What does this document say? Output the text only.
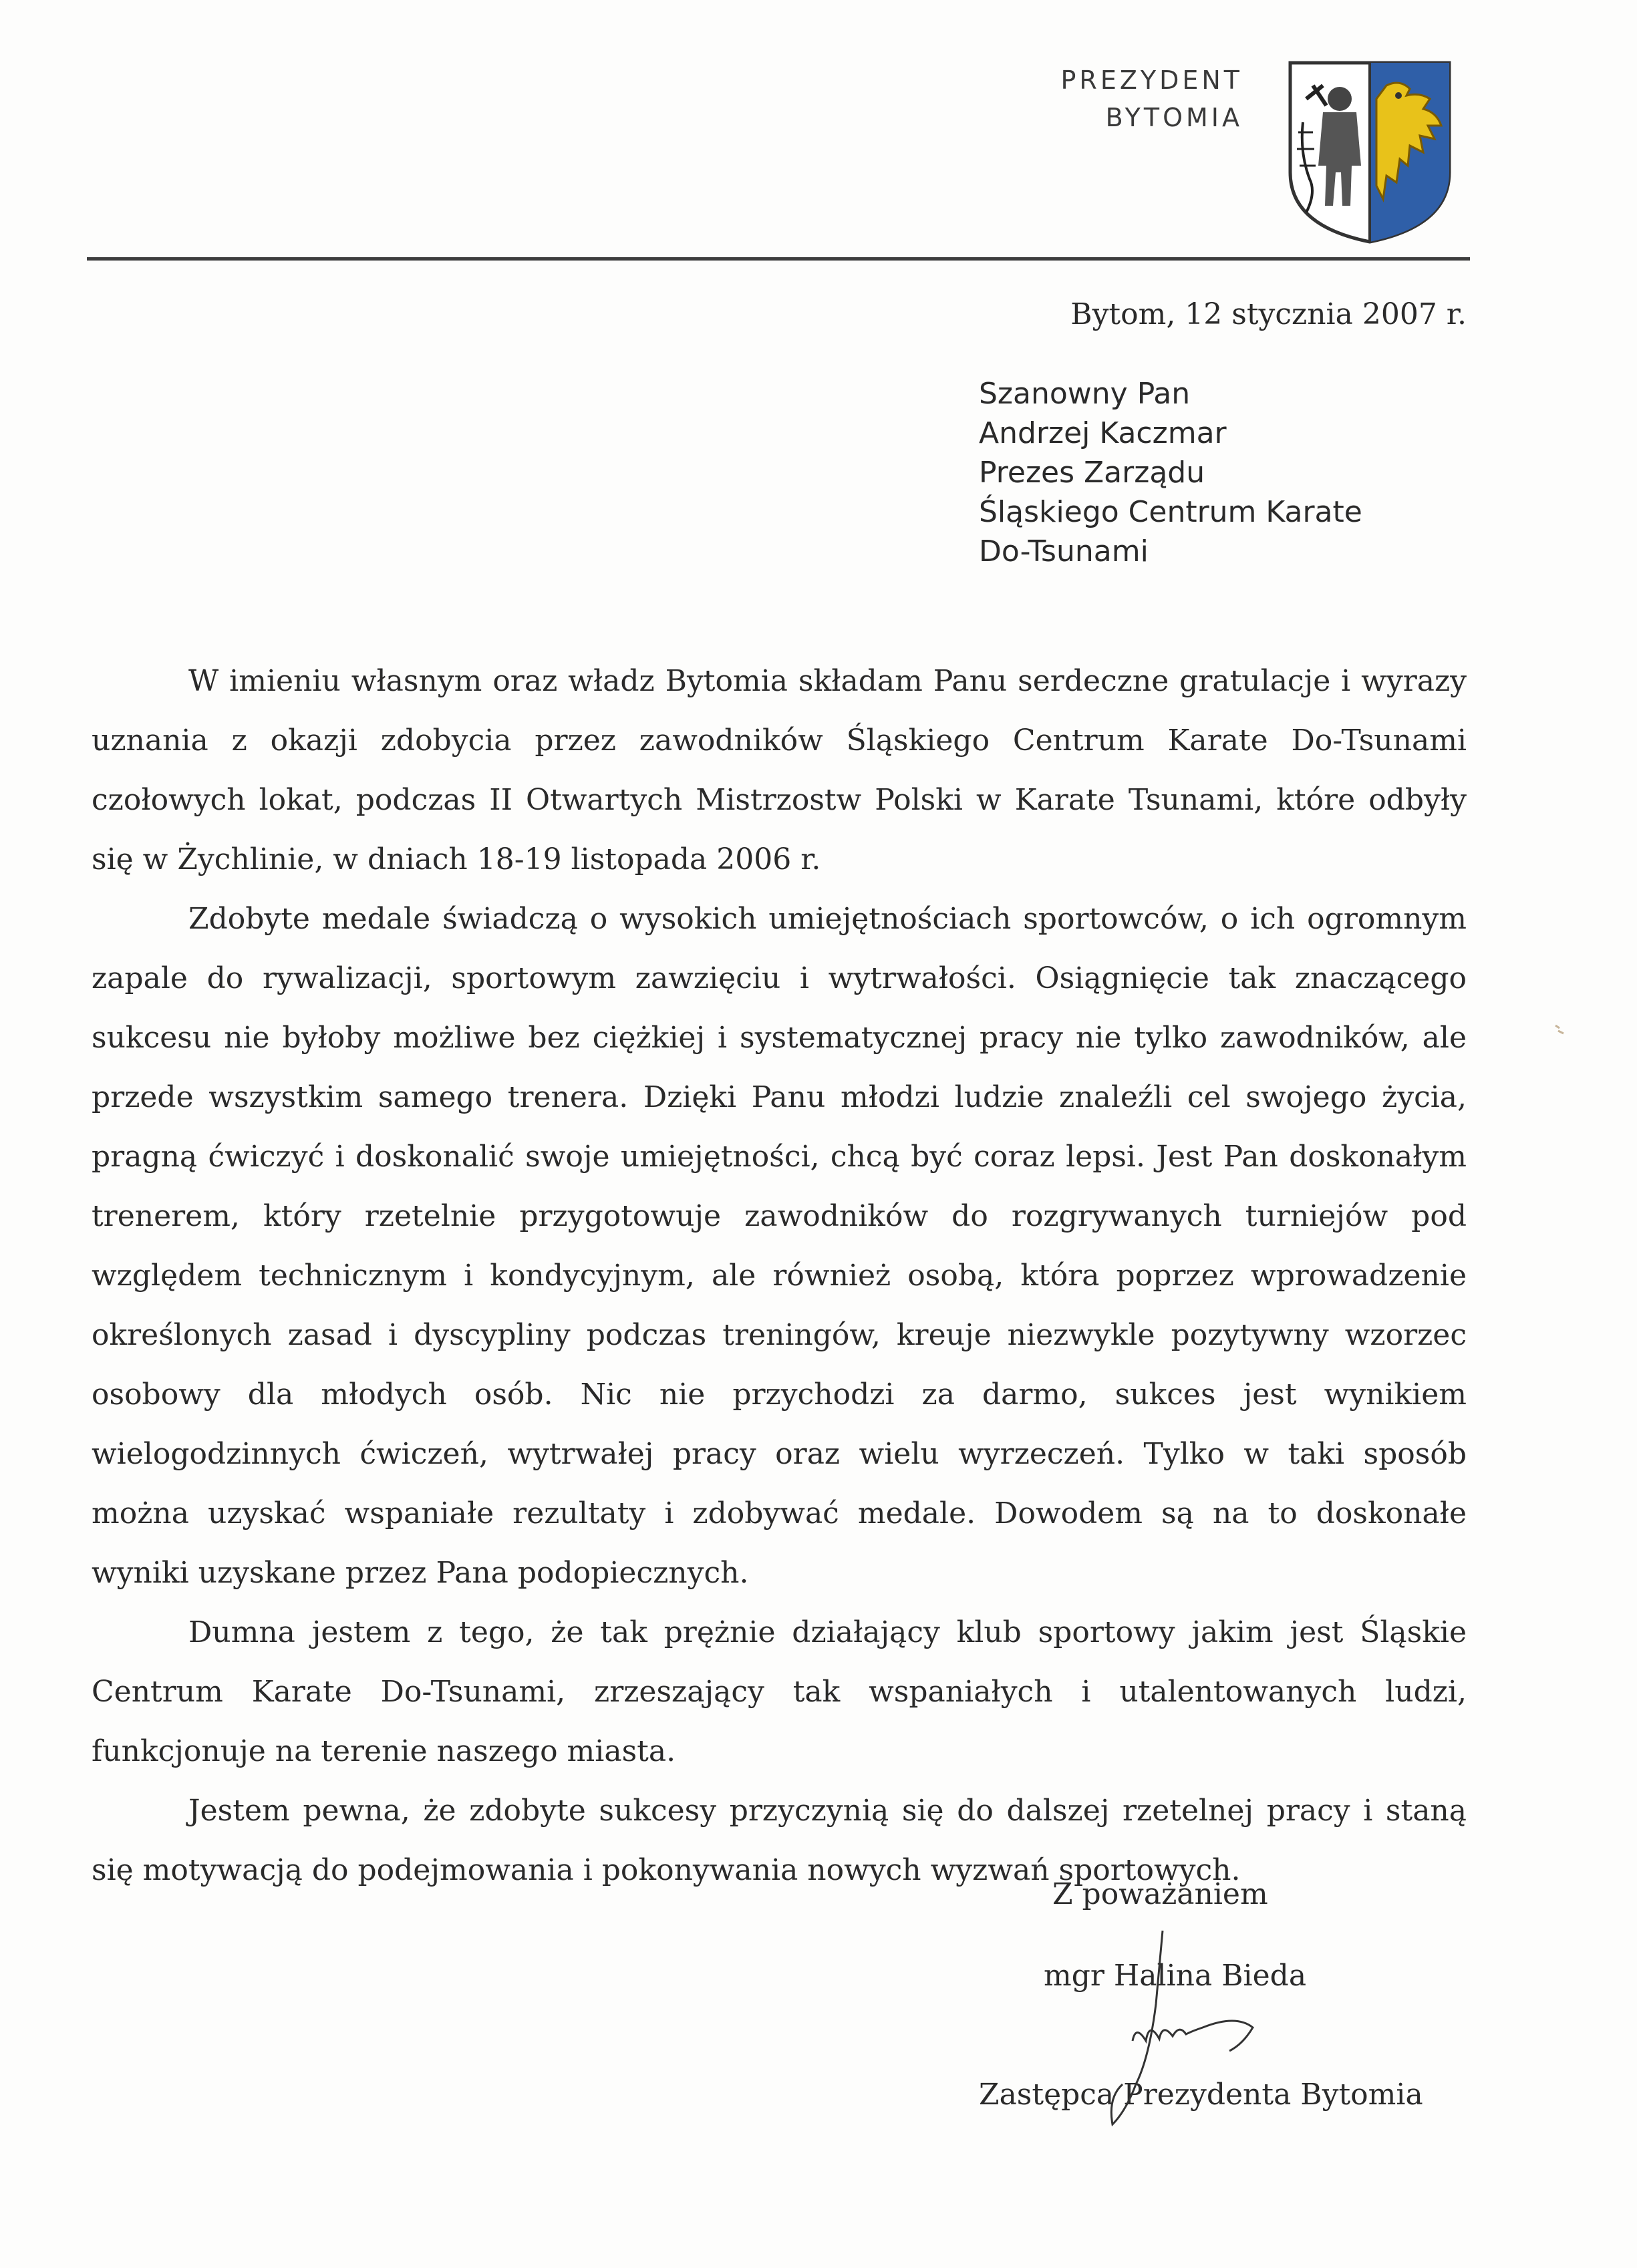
PREZYDENT
BYTOMIA
Bytom, 12 stycznia 2007 r.
Szanowny Pan
Andrzej Kaczmar
Prezes Zarządu
Śląskiego Centrum Karate
Do-Tsunami

W imieniu własnym oraz władz Bytomia składam Panu serdeczne gratulacje i wyrazy uznania z okazji zdobycia przez zawodników Śląskiego Centrum Karate Do-Tsunami czołowych lokat, podczas II Otwartych Mistrzostw Polski w Karate Tsunami, które odbyły się w Żychlinie, w dniach 18-19 listopada 2006 r.

Zdobyte medale świadczą o wysokich umiejętnościach sportowców, o ich ogromnym zapale do rywalizacji, sportowym zawzięciu i wytrwałości. Osiągnięcie tak znaczącego sukcesu nie byłoby możliwe bez ciężkiej i systematycznej pracy nie tylko zawodników, ale przede wszystkim samego trenera. Dzięki Panu młodzi ludzie znaleźli cel swojego życia, pragną ćwiczyć i doskonalić swoje umiejętności, chcą być coraz lepsi. Jest Pan doskonałym trenerem, który rzetelnie przygotowuje zawodników do rozgrywanych turniejów pod względem technicznym i kondycyjnym, ale również osobą, która poprzez wprowadzenie określonych zasad i dyscypliny podczas treningów, kreuje niezwykle pozytywny wzorzec osobowy dla młodych osób. Nic nie przychodzi za darmo, sukces jest wynikiem wielogodzinnych ćwiczeń, wytrwałej pracy oraz wielu wyrzeczeń. Tylko w taki sposób można uzyskać wspaniałe rezultaty i zdobywać medale. Dowodem są na to doskonałe wyniki uzyskane przez Pana podopiecznych.

Dumna jestem z tego, że tak prężnie działający klub sportowy jakim jest Śląskie Centrum Karate Do-Tsunami, zrzeszający tak wspaniałych i utalentowanych ludzi, funkcjonuje na terenie naszego miasta.

Jestem pewna, że zdobyte sukcesy przyczynią się do dalszej rzetelnej pracy i staną się motywacją do podejmowania i pokonywania nowych wyzwań sportowych.

Z poważaniem
mgr Halina Bieda
Zastępca Prezydenta Bytomia
